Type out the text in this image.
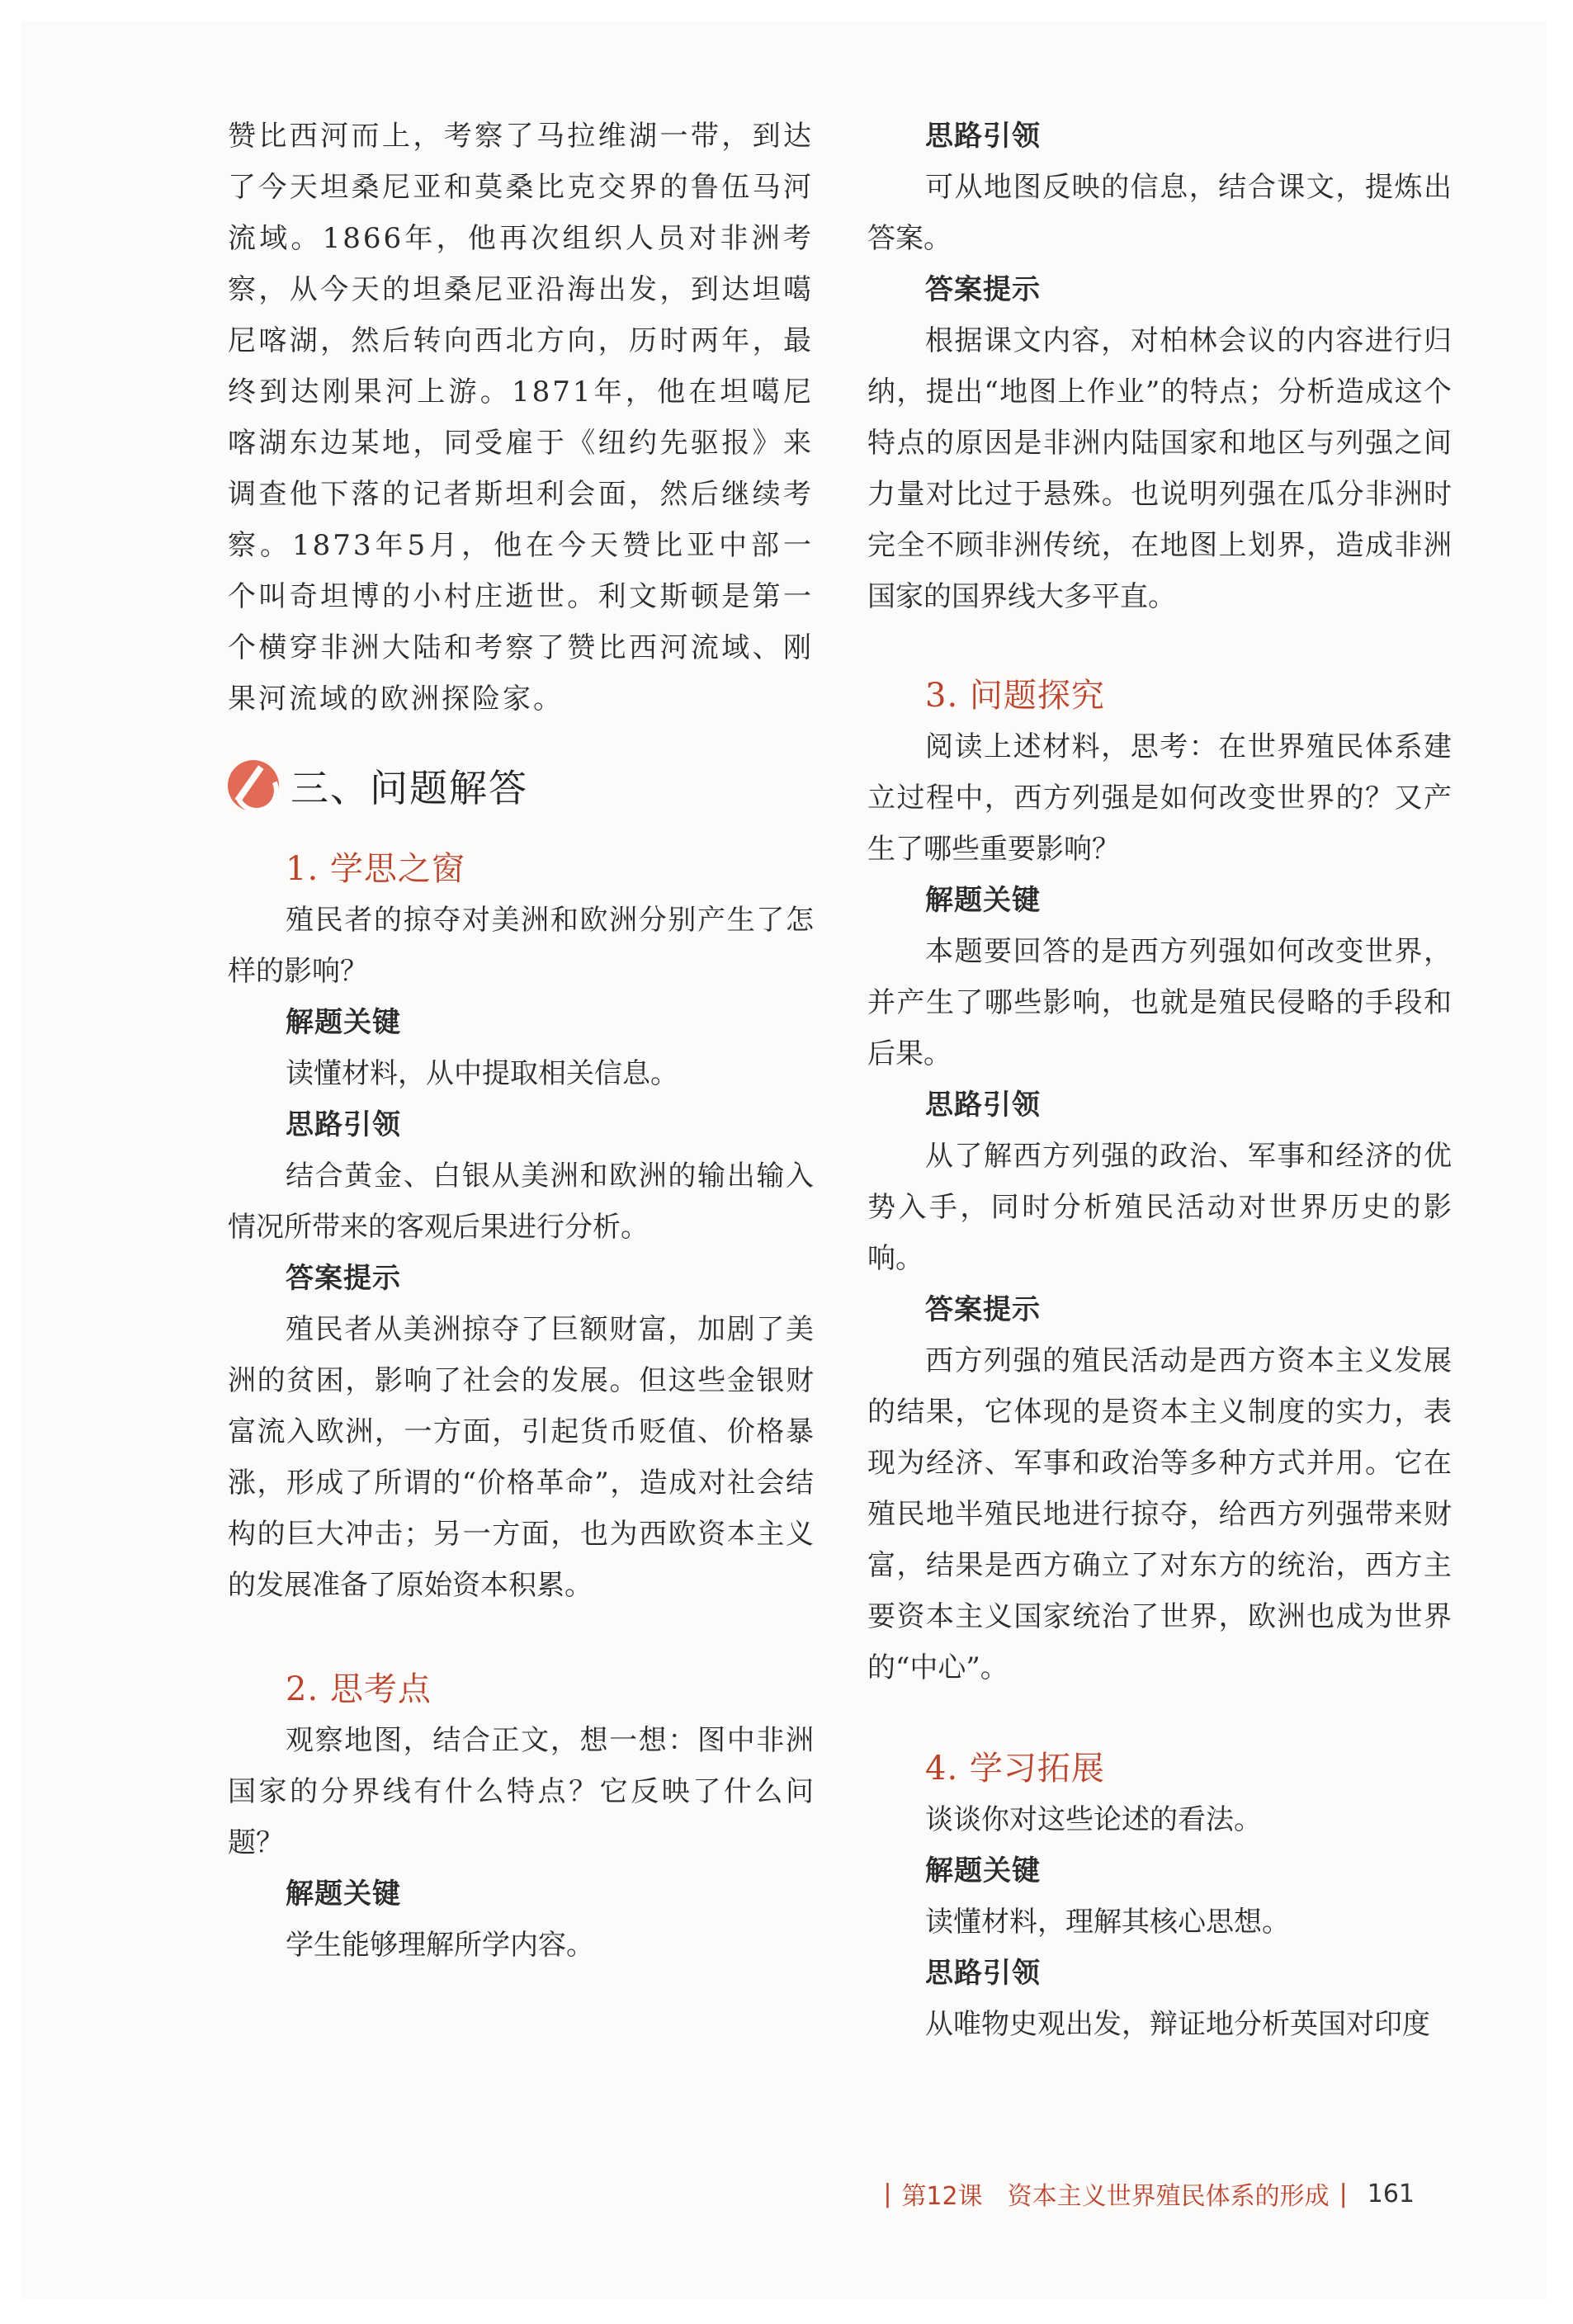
赞比西河而上，考察了马拉维湖一带，到达了今天坦桑尼亚和莫桑比克交界的鲁伍马河流域。1866年，他再次组织人员对非洲考察，从今天的坦桑尼亚沿海出发，到达坦噶尼喀湖，然后转向西北方向，历时两年，最终到达刚果河上游。1871年，他在坦噶尼喀湖东边某地，同受雇于《纽约先驱报》来调查他下落的记者斯坦利会面，然后继续考察。1873年5月，他在今天赞比亚中部一个叫奇坦博的小村庄逝世。利文斯顿是第一个横穿非洲大陆和考察了赞比西河流域、刚果河流域的欧洲探险家。

三、问题解答
1. 学思之窗

殖民者的掠夺对美洲和欧洲分别产生了怎样的影响？

解题关键

读懂材料，从中提取相关信息。

思路引领

结合黄金、白银从美洲和欧洲的输出输入情况所带来的客观后果进行分析。

答案提示

殖民者从美洲掠夺了巨额财富，加剧了美洲的贫困，影响了社会的发展。但这些金银财富流入欧洲，一方面，引起货币贬值、价格暴涨，形成了所谓的“价格革命”，造成对社会结构的巨大冲击；另一方面，也为西欧资本主义的发展准备了原始资本积累。

2. 思考点

观察地图，结合正文，想一想：图中非洲国家的分界线有什么特点？它反映了什么问题？

解题关键

学生能够理解所学内容。

思路引领

可从地图反映的信息，结合课文，提炼出答案。

答案提示

根据课文内容，对柏林会议的内容进行归纳，提出“地图上作业”的特点；分析造成这个特点的原因是非洲内陆国家和地区与列强之间力量对比过于悬殊。也说明列强在瓜分非洲时完全不顾非洲传统，在地图上划界，造成非洲国家的国界线大多平直。

3. 问题探究

阅读上述材料，思考：在世界殖民体系建立过程中，西方列强是如何改变世界的？又产生了哪些重要影响？

解题关键

本题要回答的是西方列强如何改变世界，并产生了哪些影响，也就是殖民侵略的手段和后果。

思路引领

从了解西方列强的政治、军事和经济的优势入手，同时分析殖民活动对世界历史的影响。

答案提示

西方列强的殖民活动是西方资本主义发展的结果，它体现的是资本主义制度的实力，表现为经济、军事和政治等多种方式并用。它在殖民地半殖民地进行掠夺，给西方列强带来财富，结果是西方确立了对东方的统治，西方主要资本主义国家统治了世界，欧洲也成为世界的“中心”。

4. 学习拓展

谈谈你对这些论述的看法。

解题关键

读懂材料，理解其核心思想。

思路引领

从唯物史观出发，辩证地分析英国对印度

| 第12课　资本主义世界殖民体系的形成 | 161
